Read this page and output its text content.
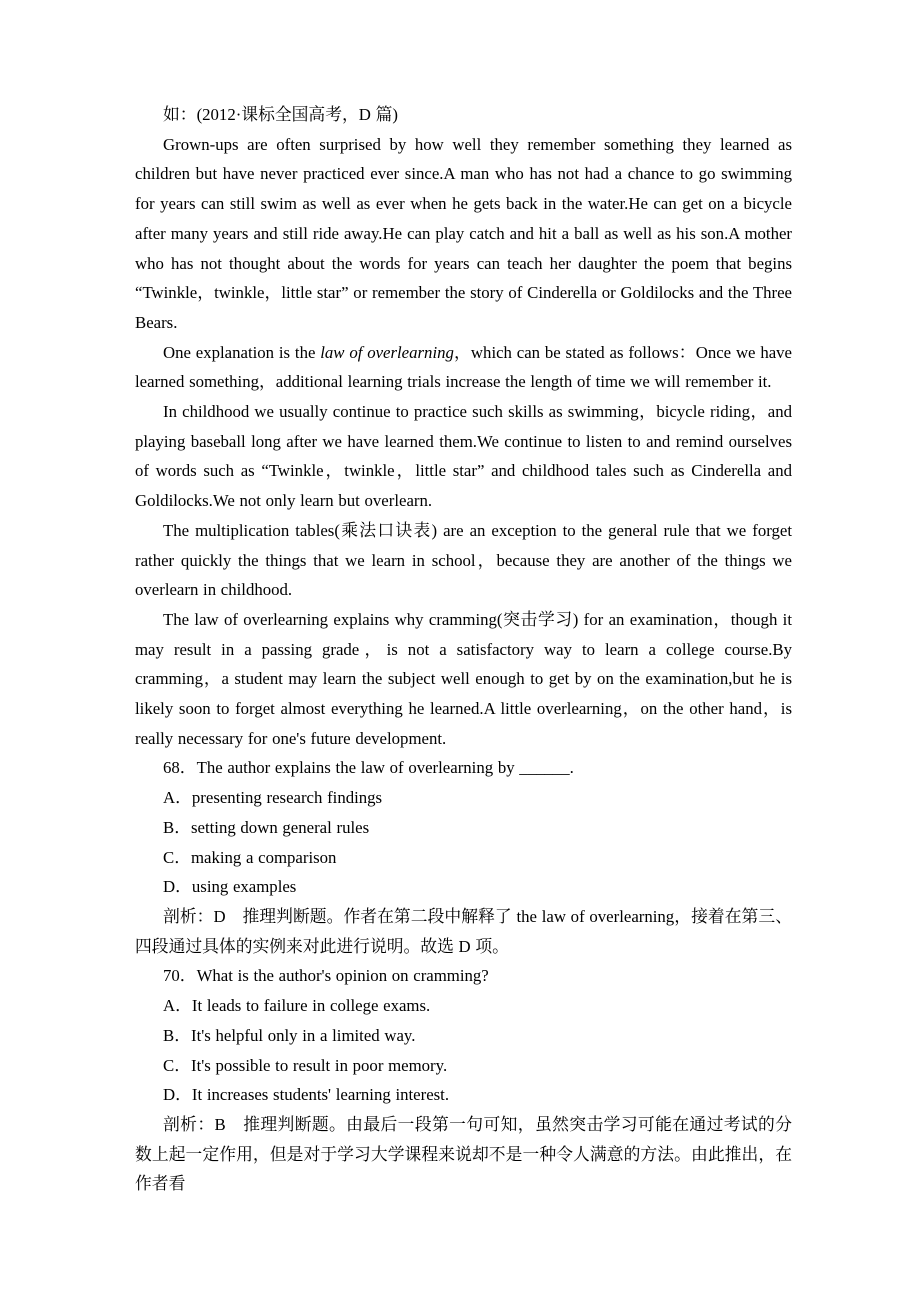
如：(2012·课标全国高考，D 篇)

Grown-ups are often surprised by how well they remember something they learned as children but have never practiced ever since.A man who has not had a chance to go swimming for years can still swim as well as ever when he gets back in the water.He can get on a bicycle after many years and still ride away.He can play catch and hit a ball as well as his son.A mother who has not thought about the words for years can teach her daughter the poem that begins “Twinkle，twinkle，little star” or remember the story of Cinderella or Goldilocks and the Three Bears.

One explanation is the law of overlearning，which can be stated as follows：Once we have learned something，additional learning trials increase the length of time we will remember it.

In childhood we usually continue to practice such skills as swimming，bicycle riding，and playing baseball long after we have learned them.We continue to listen to and remind ourselves of words such as “Twinkle，twinkle，little star” and childhood tales such as Cinderella and Goldilocks.We not only learn but overlearn.

The multiplication tables(乘法口诀表) are an exception to the general rule that we forget rather quickly the things that we learn in school，because they are another of the things we overlearn in childhood.

The law of overlearning explains why cramming(突击学习) for an examination，though it may result in a passing grade，is not a satisfactory way to learn a college course.By cramming，a student may learn the subject well enough to get by on the examination,but he is likely soon to forget almost everything he learned.A little overlearning，on the other hand，is really necessary for one's future development.

68．The author explains the law of overlearning by ______.

A．presenting research findings

B．setting down general rules

C．making a comparison

D．using examples

剖析：D　推理判断题。作者在第二段中解释了 the law of overlearning，接着在第三、四段通过具体的实例来对此进行说明。故选 D 项。

70．What is the author's opinion on cramming?

A．It leads to failure in college exams.

B．It's helpful only in a limited way.

C．It's possible to result in poor memory.

D．It increases students' learning interest.

剖析：B　推理判断题。由最后一段第一句可知，虽然突击学习可能在通过考试的分数上起一定作用，但是对于学习大学课程来说却不是一种令人满意的方法。由此推出，在作者看
